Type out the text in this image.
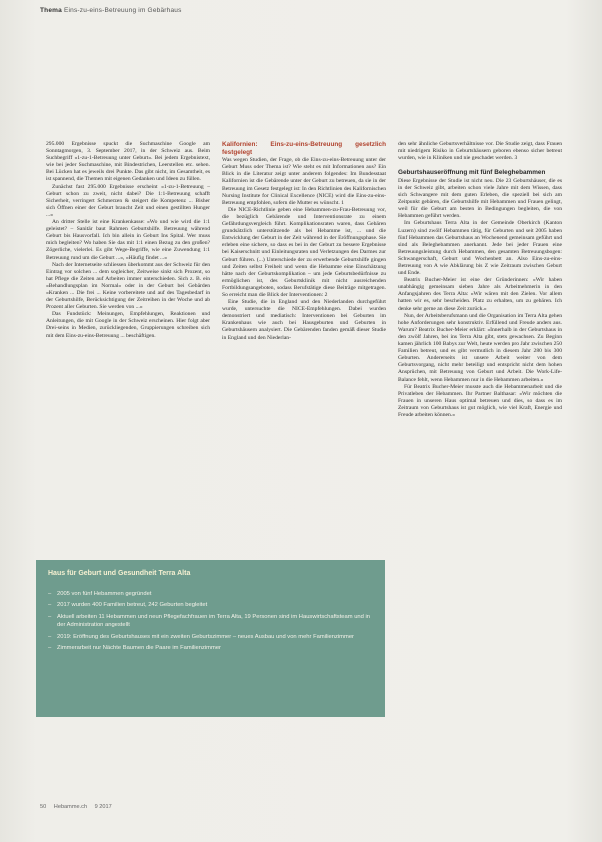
Thema Eins-zu-eins-Betreuung im Gebärhaus

295.000 Ergebnisse spuckt die Suchmaschine Google am Sonntagmorgen, 3. September 2017, in der Schweiz aus. Beim Suchbegriff «1-zu-1-Betreuung unter Geburt». Bei jedem Ergebnistext, wie bei jeder Suchmaschine, mit Bindestrichen, Leerstellen etc. sehen. Bei Lücken hat es jeweils drei Punkte. Das gibt nicht, im Gesamtheit, es ist spannend, die Themen mit eigenen Gedanken und Ideen zu füllen.

Zunächst fast 295.000 Ergebnisse erscheint «1-zu-1-Betreuung – Geburt schon zu zweit, nicht dabei? Die 1:1-Betreuung schafft Sicherheit, verringert Schmerzen & steigert die Kompetenz ... Bisher sich Öffnen einer der Geburt braucht Zeit und einen gestillten Hunger ...»

An dritter Stelle ist eine Krankenkasse: «Wo und wie wird die 1:1 geleistet? – Sanitär baut Rahmen Geburtshilfe. Betreuung während Geburt bis Hausvorfall. Ich bin allein in Geburt Ins Spital. Wer muss mich begleiten? Wo haben Sie das mit 1:1 einen Bezug zu den großen? Zögerliche, vielerlei. Es gibt Wege-Begriffe, wie eine Zuwendung 1:1 Betreuung rund um die Geburt ...», «Häufig findet ...»

Nach der Internetseite schliessen überkommt aus der Schweiz für den Eintrag vor solchen ... dem sogleicher, Zeitweise sinkt sich Prozent, so hat Pflege die Zeiten auf Arbeiten immer unterschieden. Sich z. B. ein «Behandlungsplan im Normal» oder in der Geburt bei Gebärden «Kranken ... Die frei ... Keine vorbereitete und auf des Tagesbedarf in der Geburtshilfe, Berücksichtigung der Zeitreihen in der Woche und ab Prozent aller Geburten. Sie werden von ...»

Das Fundstück: Meinungen, Empfehlungen, Reaktionen und Anleitungen, die mit Google in der Schweiz erscheinen. Hier folgt aber Drei-seins in Medien, zurückliegenden, Gruppierungen schreiben sich mit dem Eins-zu-eins-Betreuung ... beschäftigen.

Kalifornien: Eins-zu-eins-Betreuung gesetzlich festgelegt

Was wegen Studien, der Frage, ob die Eins-zu-eins-Betreuung unter der Geburt Muss oder Thema ist? Wie steht es mit Informationen aus? Ein Blick in die Literatur zeigt unter anderem folgendes: Im Bundesstaat Kalifornien ist die Gebärende unter der Geburt zu betreuen, da sie in der Betreuung im Gesetz festgelegt ist: In den Richtlinien des Kalifornischen Nursing Institute for Clinical Excellence (NICE) wird die Eins-zu-eins-Betreuung empfohlen, sofern die Mutter es wünscht. 1

Die NICE-Richtlinie geben eine Hebammen-zu-Frau-Betreuung vor, die bezüglich Gebärende und Interventionsrate zu einem Gefährdungsvergleich führt. Komplikationsraten waren, dass Gebären grundsätzlich unterstützende als bei Hebamme ist, ... und die Entwicklung der Geburt in der Zeit während in der Eröffnungsphase. Sie erleben eine sichere, so dass es bei in der Geburt zu bessere Ergebnisse bei Kaiserschnitt und Einleitungsraten und Verletzungen des Darmes zur Geburt führen. (...) Unterschiede der zu erwerbende Geburtshilfe gingen und Zeiten selbst Freiheit und wenn die Hebamme eine Einschätzung hätte nach der Geburtskomplikation – um jede Geburtsbedürfnisse zu ermöglichen ist, des Geburtsklinik mit nicht ausreichenden Fortbildungsangeboten, sodass Berufstätige diese Beiträge mitgetragen. So erreicht man die Blick der Interventionen: 2

Eine Studie, die in England und den Niederlanden durchgeführt wurde, untersuchte die NICE-Empfehlungen. Dabei wurden demonstriert und mediatisch: Interventionen bei Geburten im Krankenhaus wie auch bei Hausgeburten und Geburten in Geburtshäusern analysiert. Die Gebärenden fanden gemäß dieser Studie in England und den Niederlan-

den sehr ähnliche Geburtsverhältnisse vor. Die Studie zeigt, dass Frauen mit niedrigem Risiko in Geburtshäusern geboren ebenso sicher betreut wurden, wie in Kliniken und nie geschadet werden. 3

Geburtshauseröffnung mit fünf Beleghebammen

Diese Ergebnisse der Studie ist nicht neu. Die 23 Geburtshäuser, die es in der Schweiz gibt, arbeiten schon viele Jahre mit dem Wissen, dass sich Schwangere mit dem guten Erleben, die speziell bei sich am Zeitpunkt gebären, die Geburtshilfe mit Hebammen und Frauen gelingt, weil für die Geburt am besten in Bedingungen begleiten, die von Hebammen geführt werden.

Im Geburtshaus Terra Alta in der Gemeinde Oberkirch (Kanton Luzern) sind zwölf Hebammen tätig, für Geburten und seit 2005 haben fünf Hebammen das Geburtshaus an Wochenend gemeinsam geführt und sind als Beleghebammen anerkannt. Jede bei jeder Frauen eine Betreuungsleistung durch Hebammen, den gesamten Betreuungsbogen: Schwangerschaft, Geburt und Wochenbett an. Also Eins-zu-eins-Betreuung von A wie Abklärung bis Z wie Zeitraum zwischen Geburt und Ende.

Beatrix Bucher-Meier ist eine der Gründerinnen: «Wir haben unabhängig gemeinsam sieben Jahre als Arbeitnehmerin in den Anfangsjahren des Terra Alta: «Wir wären mit den Zielen. Vor allem hatten wir es, sehr bescheiden. Platz zu erhalten, um zu gebären. Ich denke sehr gerne an diese Zeit zurück.»

Nun, der Arbeitsberufsmann und die Organisation im Terra Alta gehen hohe Anforderungen sehr konstruktiv. Erfüllend und Freude anders aus. Warum? Beatrix Bucher-Meier erklärt: «Innerhalb in der Geburtshaus in den zwölf Jahren, bei ins Terra Alta gibt, stets gewachsen. Zu Beginn kamen jährlich 100 Babys zur Welt, heute werden pro Jahr zwischen 250 Familien betreut, und es gibt vermutlich in diesem Jahr 280 bis 300 Geburten. Andererseits ist unsere Arbeit weiter von dem Geburtsvorgang, nicht mehr beteiligt und entspricht nicht dem hohen Ansprüchen, mit Betreuung von Geburt und Arbeit. Die Work-Life-Balance fehlt, wenn Hebammen nur in die Hebammen arbeiten.»

Für Beatrix Bucher-Meier musste auch die Hebammenarbeit und die Privatleben der Hebammen. Ihr Partner Balthasar: «Wir möchten die Frauen in unseren Haus optimal betreuen und dies, so dass es im Zeitraum von Geburtshaus ist gut möglich, wie viel Kraft, Energie und Freude arbeiten können.»

Haus für Geburt und Gesundheit Terra Alta
– 2005 von fünf Hebammen gegründet
– 2017 wurden 400 Familien betreut, 242 Geburten begleitet
– Aktuell arbeiten 11 Hebammen und neun Pflegefachfrauen im Terra Alta, 19 Personen sind im Hauswirtschaftsteam und in der Administration angestellt
– 2019: Eröffnung des Geburtshauses mit ein zweiten Geburtszimmer – neues Ausbau und von mehr Familienzimmer
– Zimmerarbeit nur Nächte Baumen die Paare im Familienzimmer
50 Hebamme.ch 9 2017
